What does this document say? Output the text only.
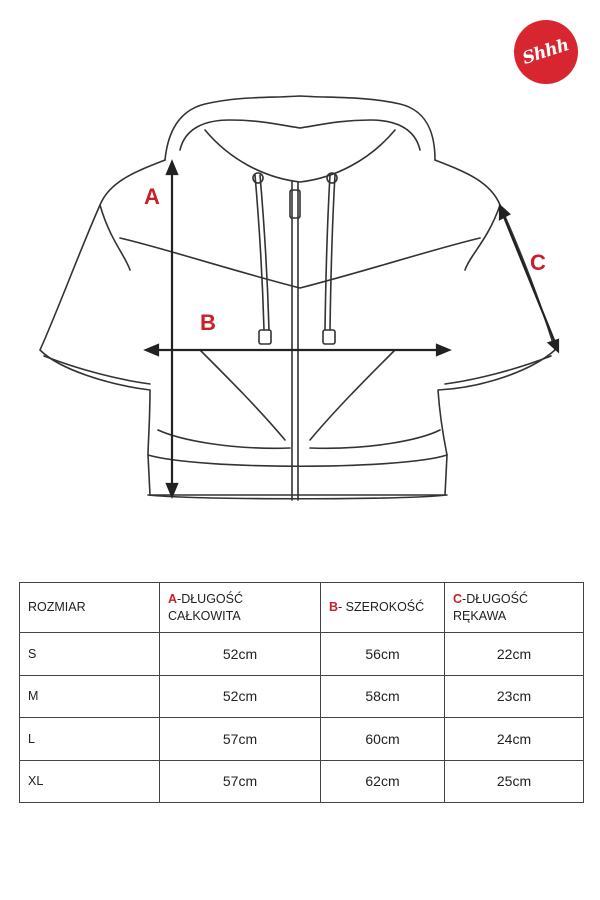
Shhh
A
B
C
ROZMIAR	A-DŁUGOŚĆ CAŁKOWITA	B- SZEROKOŚĆ	C-DŁUGOŚĆ RĘKAWA
S	52cm	56cm	22cm
M	52cm	58cm	23cm
L	57cm	60cm	24cm
XL	57cm	62cm	25cm
